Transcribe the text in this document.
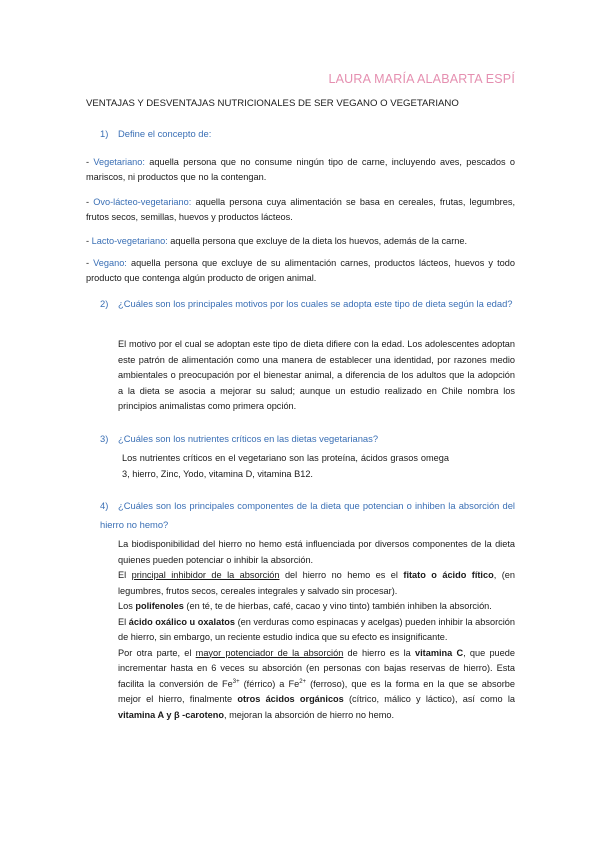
LAURA MARÍA ALABARTA ESPÍ
VENTAJAS Y DESVENTAJAS NUTRICIONALES DE SER VEGANO O VEGETARIANO
1) Define el concepto de:
- Vegetariano: aquella persona que no consume ningún tipo de carne, incluyendo aves, pescados o mariscos, ni productos que no la contengan.
- Ovo-lácteo-vegetariano: aquella persona cuya alimentación se basa en cereales, frutas, legumbres, frutos secos, semillas, huevos y productos lácteos.
- Lacto-vegetariano: aquella persona que excluye de la dieta los huevos, además de la carne.
- Vegano: aquella persona que excluye de su alimentación carnes, productos lácteos, huevos y todo producto que contenga algún producto de origen animal.
2) ¿Cuáles son los principales motivos por los cuales se adopta este tipo de dieta según la edad?
El motivo por el cual se adoptan este tipo de dieta difiere con la edad. Los adolescentes adoptan este patrón de alimentación como una manera de establecer una identidad, por razones medio ambientales o preocupación por el bienestar animal, a diferencia de los adultos que la adopción a la dieta se asocia a mejorar su salud; aunque un estudio realizado en Chile nombra los principios animalistas como primera opción.
3) ¿Cuáles son los nutrientes críticos en las dietas vegetarianas?
Los nutrientes críticos en el vegetariano son las proteína, ácidos grasos omega 3, hierro, Zinc, Yodo, vitamina D, vitamina B12.
4) ¿Cuáles son los principales componentes de la dieta que potencian o inhiben la absorción del hierro no hemo?

La biodisponibilidad del hierro no hemo está influenciada por diversos componentes de la dieta quienes pueden potenciar o inhibir la absorción.

El principal inhibidor de la absorción del hierro no hemo es el fitato o ácido fítico, (en legumbres, frutos secos, cereales integrales y salvado sin procesar).

Los polifenoles (en té, te de hierbas, café, cacao y vino tinto) también inhiben la absorción.

El ácido oxálico u oxalatos (en verduras como espinacas y acelgas) pueden inhibir la absorción de hierro, sin embargo, un reciente estudio indica que su efecto es insignificante.

Por otra parte, el mayor potenciador de la absorción de hierro es la vitamina C, que puede incrementar hasta en 6 veces su absorción (en personas con bajas reservas de hierro). Esta facilita la conversión de $Fe^{3+}$ (férrico) a $Fe^{2+}$ (ferroso), que es la forma en la que se absorbe mejor el hierro, finalmente otros ácidos orgánicos (cítrico, málico y láctico), así como la vitamina A y β -caroteno, mejoran la absorción de hierro no hemo.
